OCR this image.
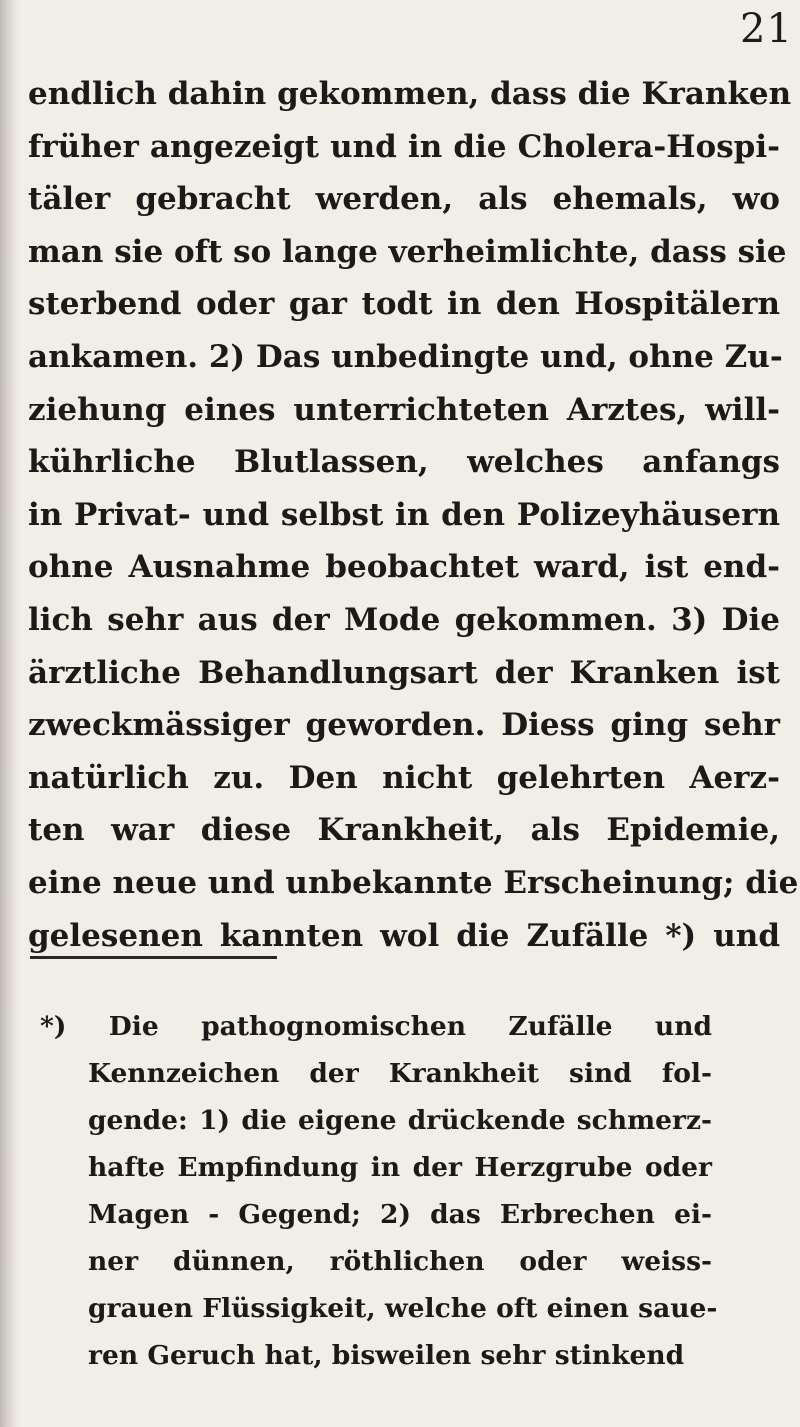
21
endlich dahin gekommen, dass die Kranken
früher angezeigt und in die Cholera-Hospi-
täler gebracht werden, als ehemals, wo
man sie oft so lange verheimlichte, dass sie
sterbend oder gar todt in den Hospitälern
ankamen. 2) Das unbedingte und, ohne Zu-
ziehung eines unterrichteten Arztes, will-
kührliche Blutlassen, welches anfangs
in Privat- und selbst in den Polizeyhäusern
ohne Ausnahme beobachtet ward, ist end-
lich sehr aus der Mode gekommen. 3) Die
ärztliche Behandlungsart der Kranken ist
zweckmässiger geworden. Diess ging sehr
natürlich zu. Den nicht gelehrten Aerz-
ten war diese Krankheit, als Epidemie,
eine neue und unbekannte Erscheinung; die
gelesenen kannten wol die Zufälle *) und
*) Die pathognomischen Zufälle und
Kennzeichen der Krankheit sind fol-
gende: 1) die eigene drückende schmerz-
hafte Empfindung in der Herzgrube oder
Magen - Gegend; 2) das Erbrechen ei-
ner dünnen, röthlichen oder weiss-
grauen Flüssigkeit, welche oft einen saue-
ren Geruch hat, bisweilen sehr stinkend
